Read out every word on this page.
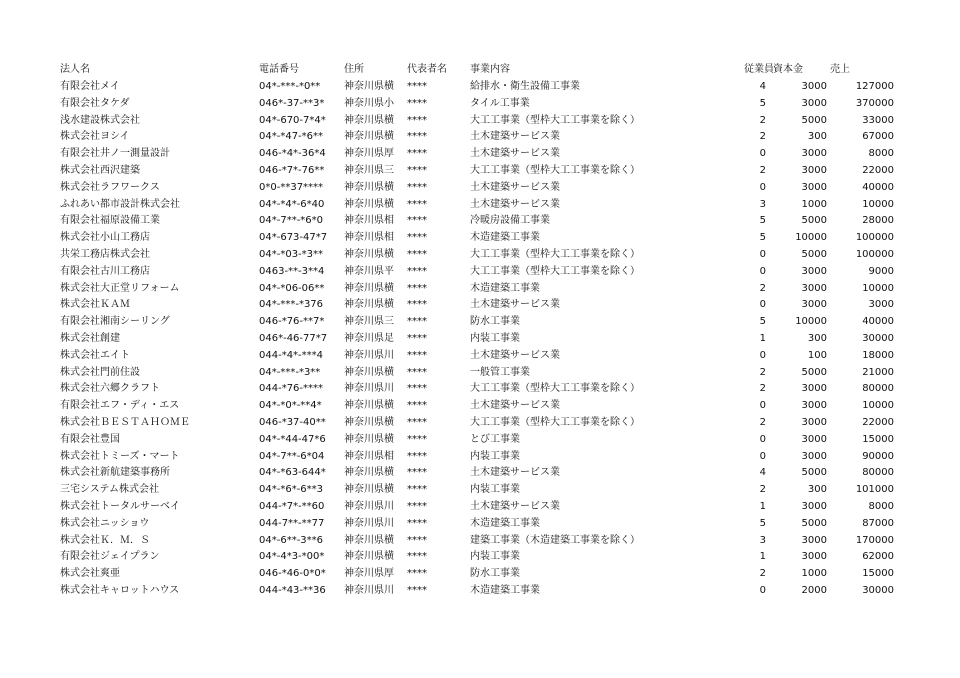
法人名	電話番号	住所	代表者名 事業内容	従業員 資本金	売上
有限会社メイ	04*-***-*0** 神奈川県横 ****	給排水・衛生設備工事業	4	3000	127000
有限会社タケダ	046*-37-**3* 神奈川県小 ****	タイル工事業	5	3000	370000
浅水建設株式会社	04*-670-7*4* 神奈川県横 ****	大工工事業（型枠大工工事業を除く）	2	5000	33000
株式会社ヨシイ	04*-*47-*6** 神奈川県横 ****	土木建築サービス業	2	300	67000
有限会社井ノ一測量設計	046-*4*-36*4 神奈川県厚 ****	土木建築サービス業	0	3000	8000
株式会社西沢建築	046-*7*-76** 神奈川県三 ****	大工工事業（型枠大工工事業を除く）	2	3000	22000
株式会社ラフワークス	0*0-**37**** 神奈川県横 ****	土木建築サービス業	0	3000	40000
ふれあい都市設計株式会社	04*-*4*-6*40 神奈川県横 ****	土木建築サービス業	3	1000	10000
有限会社福原設備工業	04*-7**-*6*0 神奈川県相 ****	冷暖房設備工事業	5	5000	28000
株式会社小山工務店	04*-673-47*7 神奈川県相 ****	木造建築工事業	5	10000	100000
共栄工務店株式会社	04*-*03-*3** 神奈川県横 ****	大工工事業（型枠大工工事業を除く）	0	5000	100000
有限会社古川工務店	0463-**-3**4 神奈川県平 ****	大工工事業（型枠大工工事業を除く）	0	3000	9000
株式会社大正堂リフォーム	04*-*06-06** 神奈川県横 ****	木造建築工事業	2	3000	10000
株式会社ＫＡＭ	04*-***-*376 神奈川県横 ****	土木建築サービス業	0	3000	3000
有限会社湘南シーリング	046-*76-**7* 神奈川県三 ****	防水工事業	5	10000	40000
株式会社創建	046*-46-77*7 神奈川県足 ****	内装工事業	1	300	30000
株式会社エイト	044-*4*-***4 神奈川県川 ****	土木建築サービス業	0	100	18000
株式会社門前住設	04*-***-*3** 神奈川県横 ****	一般管工事業	2	5000	21000
株式会社六郷クラフト	044-*76-**** 神奈川県川 ****	大工工事業（型枠大工工事業を除く）	2	3000	80000
有限会社エフ・ディ・エス	04*-*0*-**4* 神奈川県横 ****	土木建築サービス業	0	3000	10000
株式会社ＢＥＳＴＡＨＯＭＥ	046-*37-40** 神奈川県横 ****	大工工事業（型枠大工工事業を除く）	2	3000	22000
有限会社豊国	04*-*44-47*6 神奈川県横 ****	とび工事業	0	3000	15000
株式会社トミーズ・マート	04*-7**-6*04 神奈川県相 ****	内装工事業	0	3000	90000
株式会社新航建築事務所	04*-*63-644* 神奈川県横 ****	土木建築サービス業	4	5000	80000
三宅システム株式会社	04*-*6*-6**3 神奈川県横 ****	内装工事業	2	300	101000
株式会社トータルサーベイ	044-*7*-**60 神奈川県川 ****	土木建築サービス業	1	3000	8000
株式会社ニッショウ	044-7**-**77 神奈川県川 ****	木造建築工事業	5	5000	87000
株式会社Ｋ．Ｍ．Ｓ	04*-6**-3**6 神奈川県横 ****	建築工事業（木造建築工事業を除く）	3	3000	170000
有限会社ジェイプラン	04*-4*3-*00* 神奈川県横 ****	内装工事業	1	3000	62000
株式会社爽亜	046-*46-0*0* 神奈川県厚 ****	防水工事業	2	1000	15000
株式会社キャロットハウス	044-*43-**36 神奈川県川 ****	木造建築工事業	0	2000	30000
